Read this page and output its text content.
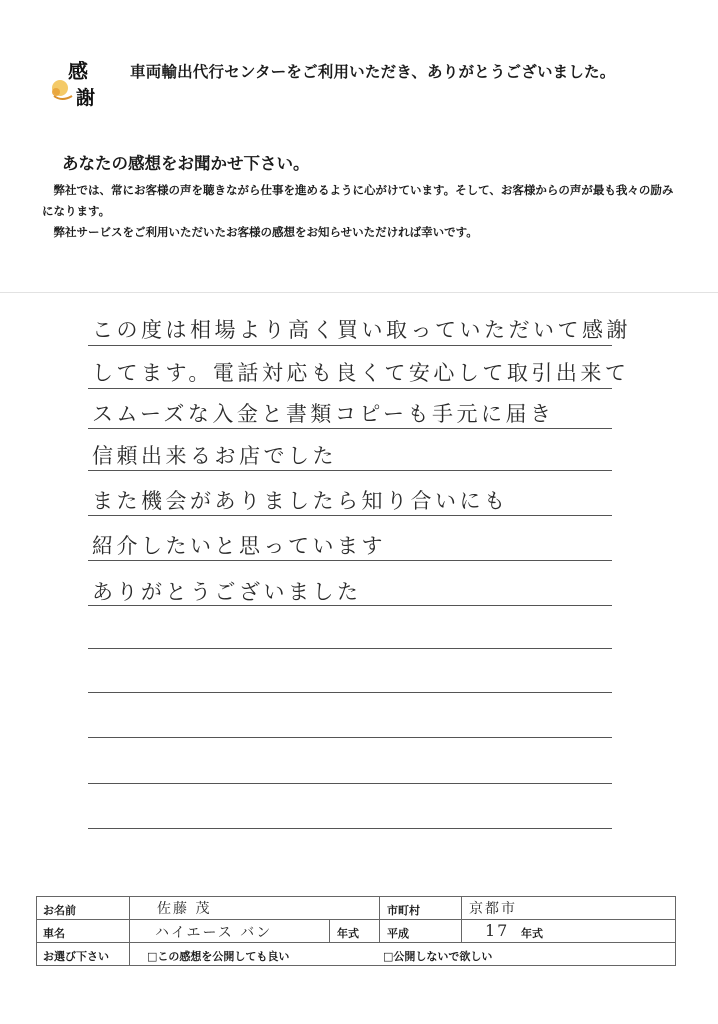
感
謝
車両輸出代行センターをご利用いただき、ありがとうございました。
あなたの感想をお聞かせ下さい。

弊社では、常にお客様の声を聴きながら仕事を進めるように心がけています。そして、お客様からの声が最も我々の励みになります。

弊社サービスをご利用いただいたお客様の感想をお知らせいただければ幸いです。

この度は相場より高く買い取っていただいて感謝
してます。電話対応も良くて安心して取引出来て
スムーズな入金と書類コピーも手元に届き
信頼出来るお店でした
また機会がありましたら知り合いにも
紹介したいと思っています
ありがとうございました
お名前	佐藤 茂	市町村	京都市
車名	ハイエース バン	年式	平成	17 年式
お選び下さい	□この感想を公開しても良い	□公開しないで欲しい
